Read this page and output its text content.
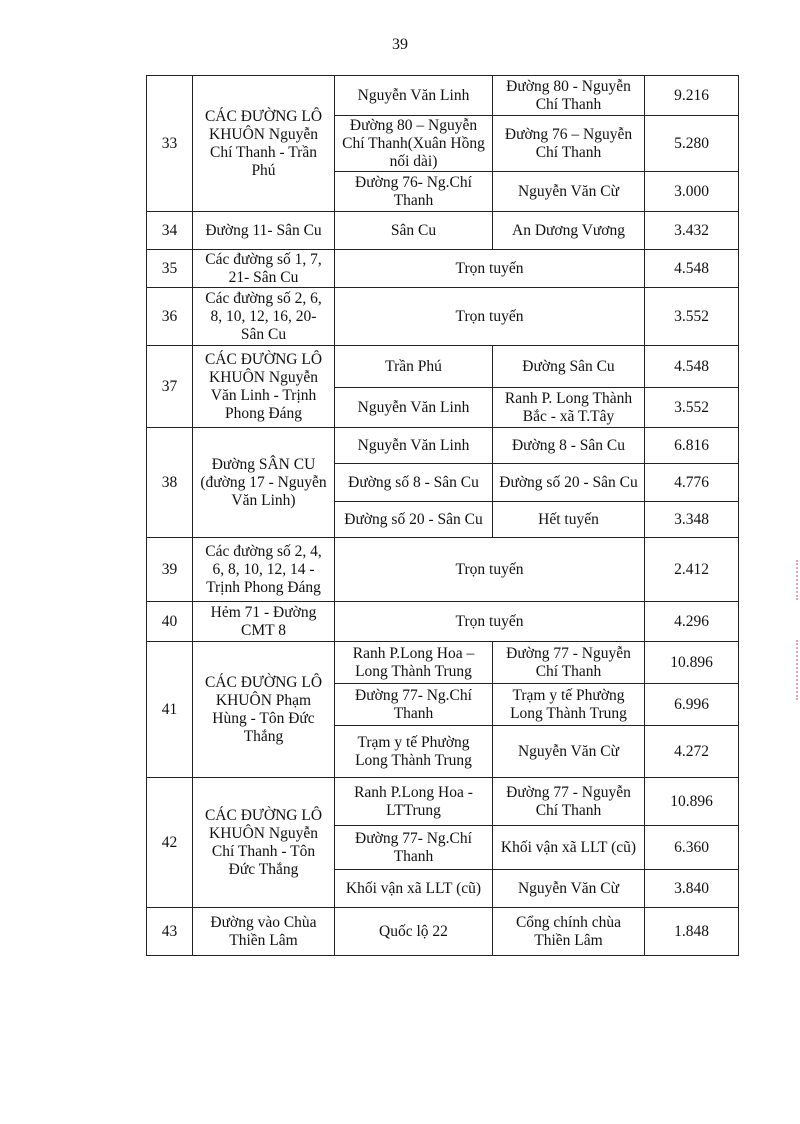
39
33	CÁC ĐƯỜNG LÔ KHUÔN Nguyễn Chí Thanh - Trần Phú	Nguyễn Văn Linh	Đường 80 - Nguyễn Chí Thanh	9.216
		Đường 80 – Nguyễn Chí Thanh(Xuân Hồng nối dài)	Đường 76 – Nguyễn Chí Thanh	5.280
		Đường 76- Ng.Chí Thanh	Nguyễn Văn Cừ	3.000
34	Đường 11- Sân Cu	Sân Cu	An Dương Vương	3.432
35	Các đường số 1, 7, 21- Sân Cu	Trọn tuyến		4.548
36	Các đường số 2, 6, 8, 10, 12, 16, 20- Sân Cu	Trọn tuyến		3.552
37	CÁC ĐƯỜNG LÔ KHUÔN Nguyễn Văn Linh - Trịnh Phong Đáng	Trần Phú	Đường Sân Cu	4.548
		Nguyễn Văn Linh	Ranh P. Long Thành Bắc - xã T.Tây	3.552
38	Đường SÂN CU (đường 17 - Nguyễn Văn Linh)	Nguyễn Văn Linh	Đường 8 - Sân Cu	6.816
		Đường số 8 - Sân Cu	Đường số 20 - Sân Cu	4.776
		Đường số 20 - Sân Cu	Hết tuyến	3.348
39	Các đường số 2, 4, 6, 8, 10, 12, 14 - Trịnh Phong Đáng	Trọn tuyến		2.412
40	Hẻm 71 - Đường CMT 8	Trọn tuyến		4.296
41	CÁC ĐƯỜNG LÔ KHUÔN Phạm Hùng - Tôn Đức Thắng	Ranh P.Long Hoa – Long Thành Trung	Đường 77 - Nguyễn Chí Thanh	10.896
		Đường 77- Ng.Chí Thanh	Trạm y tế Phường Long Thành Trung	6.996
		Trạm y tế Phường Long Thành Trung	Nguyễn Văn Cừ	4.272
42	CÁC ĐƯỜNG LÔ KHUÔN Nguyễn Chí Thanh - Tôn Đức Thắng	Ranh P.Long Hoa - LTTrung	Đường 77 - Nguyễn Chí Thanh	10.896
		Đường 77- Ng.Chí Thanh	Khối vận xã LLT (cũ)	6.360
		Khối vận xã LLT (cũ)	Nguyễn Văn Cừ	3.840
43	Đường vào Chùa Thiền Lâm	Quốc lộ 22	Cổng chính chùa Thiền Lâm	1.848
